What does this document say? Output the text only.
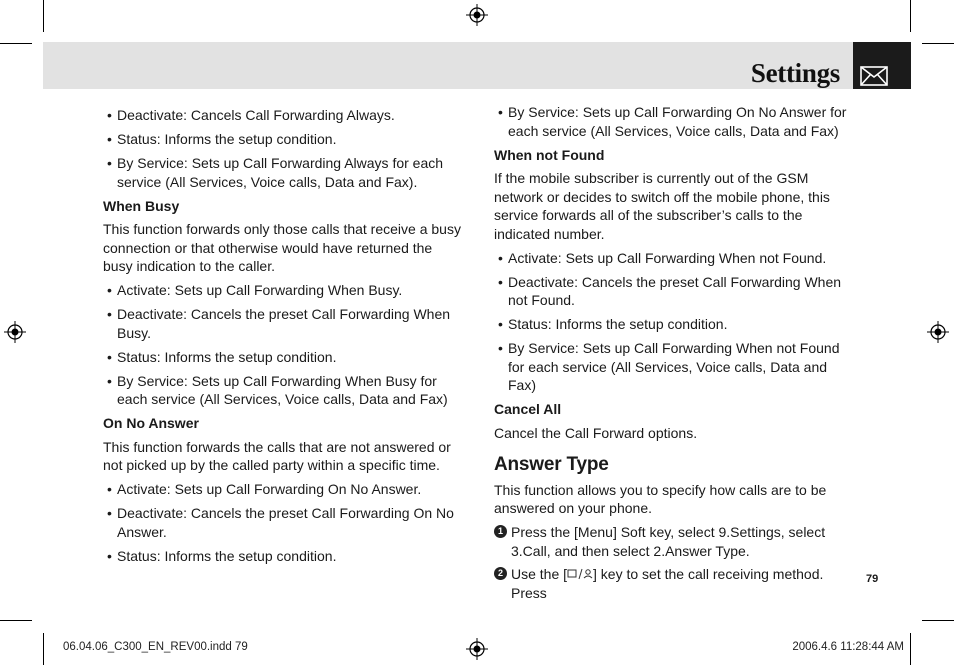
Settings
• Deactivate: Cancels Call Forwarding Always.
• Status: Informs the setup condition.
• By Service: Sets up Call Forwarding Always for each service (All Services, Voice calls, Data and Fax).
When Busy
This function forwards only those calls that receive a busy connection or that otherwise would have returned the busy indication to the caller.
• Activate: Sets up Call Forwarding When Busy.
• Deactivate: Cancels the preset Call Forwarding When Busy.
• Status: Informs the setup condition.
• By Service: Sets up Call Forwarding When Busy for each service (All Services, Voice calls, Data and Fax)
On No Answer
This function forwards the calls that are not answered or not picked up by the called party within a specific time.
• Activate: Sets up Call Forwarding On No Answer.
• Deactivate: Cancels the preset Call Forwarding On No Answer.
• Status: Informs the setup condition.
• By Service: Sets up Call Forwarding On No Answer for each service (All Services, Voice calls, Data and Fax)
When not Found
If the mobile subscriber is currently out of the GSM network or decides to switch off the mobile phone, this service forwards all of the subscriber’s calls to the indicated number.
• Activate: Sets up Call Forwarding When not Found.
• Deactivate: Cancels the preset Call Forwarding When not Found.
• Status: Informs the setup condition.
• By Service: Sets up Call Forwarding When not Found for each service (All Services, Voice calls, Data and Fax)
Cancel All
Cancel the Call Forward options.
Answer Type
This function allows you to specify how calls are to be answered on your phone.
1 Press the [Menu] Soft key, select 9.Settings, select 3.Call, and then select 2.Answer Type.
2 Use the [ ] key to set the call receiving method. Press
79
06.04.06_C300_EN_REV00.indd 79	2006.4.6 11:28:44 AM
